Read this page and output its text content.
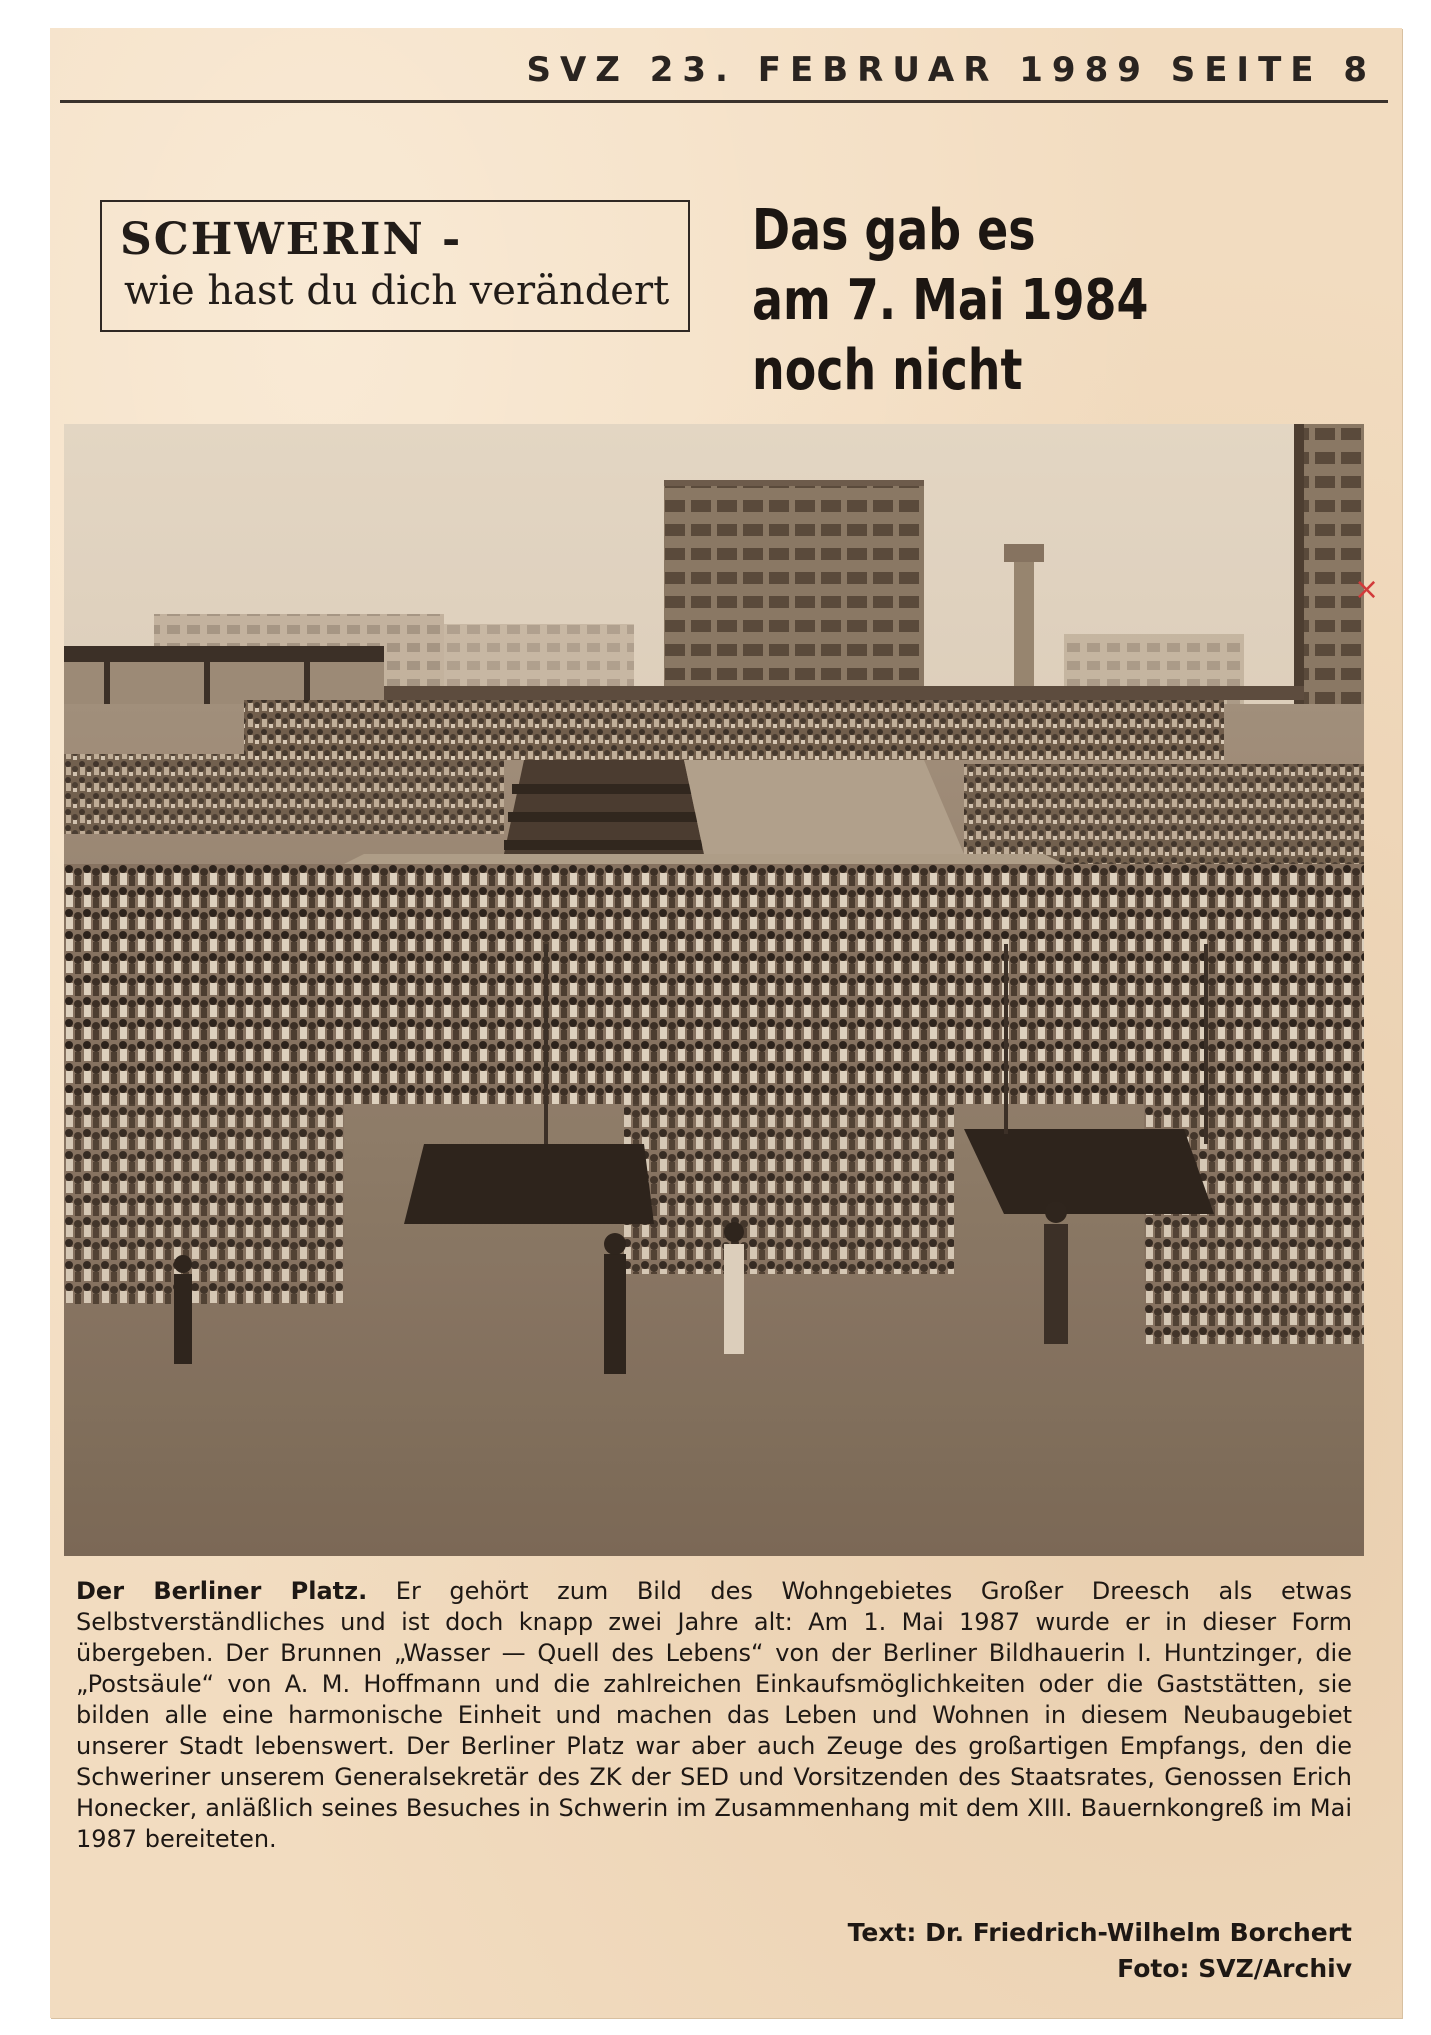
SVZ 23. FEBRUAR 1989 SEITE 8
SCHWERIN -
wie hast du dich verändert
Das gab es
am 7. Mai 1984
noch nicht
Der Berliner Platz. Er gehört zum Bild des Wohngebietes Großer Dreesch als etwas Selbstverständliches und ist doch knapp zwei Jahre alt: Am 1. Mai 1987 wurde er in dieser Form übergeben. Der Brunnen „Wasser — Quell des Lebens“ von der Berliner Bildhauerin I. Huntzinger, die „Postsäule“ von A. M. Hoffmann und die zahlreichen Einkaufsmöglichkeiten oder die Gaststätten, sie bilden alle eine harmonische Einheit und machen das Leben und Wohnen in diesem Neubaugebiet unserer Stadt lebenswert. Der Berliner Platz war aber auch Zeuge des großartigen Empfangs, den die Schweriner unserem Generalsekretär des ZK der SED und Vorsitzenden des Staatsrates, Genossen Erich Honecker, anläßlich seines Besuches in Schwerin im Zusammenhang mit dem XIII. Bauernkongreß im Mai 1987 bereiteten.
Text: Dr. Friedrich-Wilhelm Borchert
Foto: SVZ/Archiv
×
